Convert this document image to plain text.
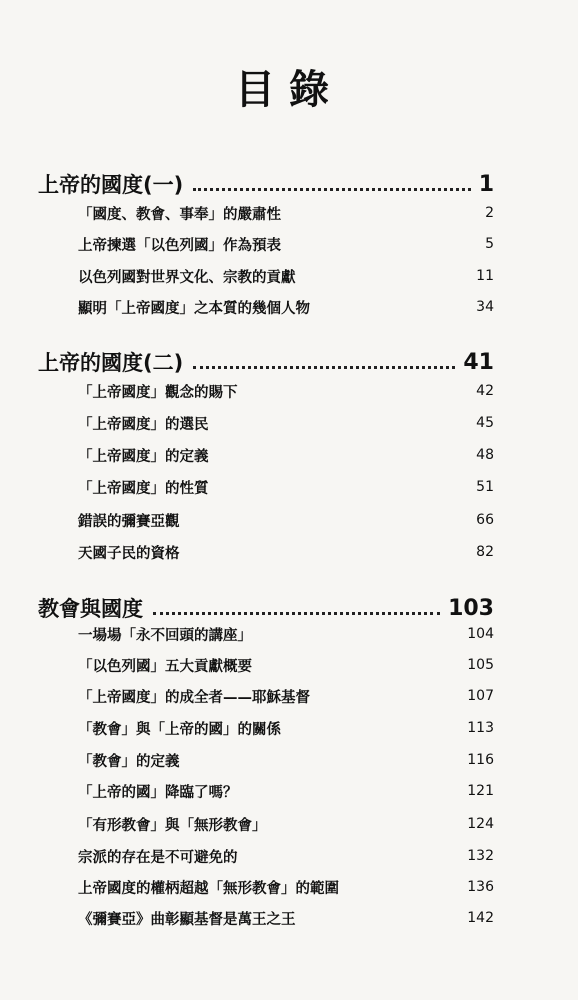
目錄
上帝的國度(一)	1
「國度、教會、事奉」的嚴肅性	2
上帝揀選「以色列國」作為預表	5
以色列國對世界文化、宗教的貢獻	11
顯明「上帝國度」之本質的幾個人物	34
上帝的國度(二)	41
「上帝國度」觀念的賜下	42
「上帝國度」的選民	45
「上帝國度」的定義	48
「上帝國度」的性質	51
錯誤的彌賽亞觀	66
天國子民的資格	82
教會與國度	103
一場場「永不回頭的講座」	104
「以色列國」五大貢獻概要	105
「上帝國度」的成全者——耶穌基督	107
「教會」與「上帝的國」的關係	113
「教會」的定義	116
「上帝的國」降臨了嗎？	121
「有形教會」與「無形教會」	124
宗派的存在是不可避免的	132
上帝國度的權柄超越「無形教會」的範圍	136
《彌賽亞》曲彰顯基督是萬王之王	142
